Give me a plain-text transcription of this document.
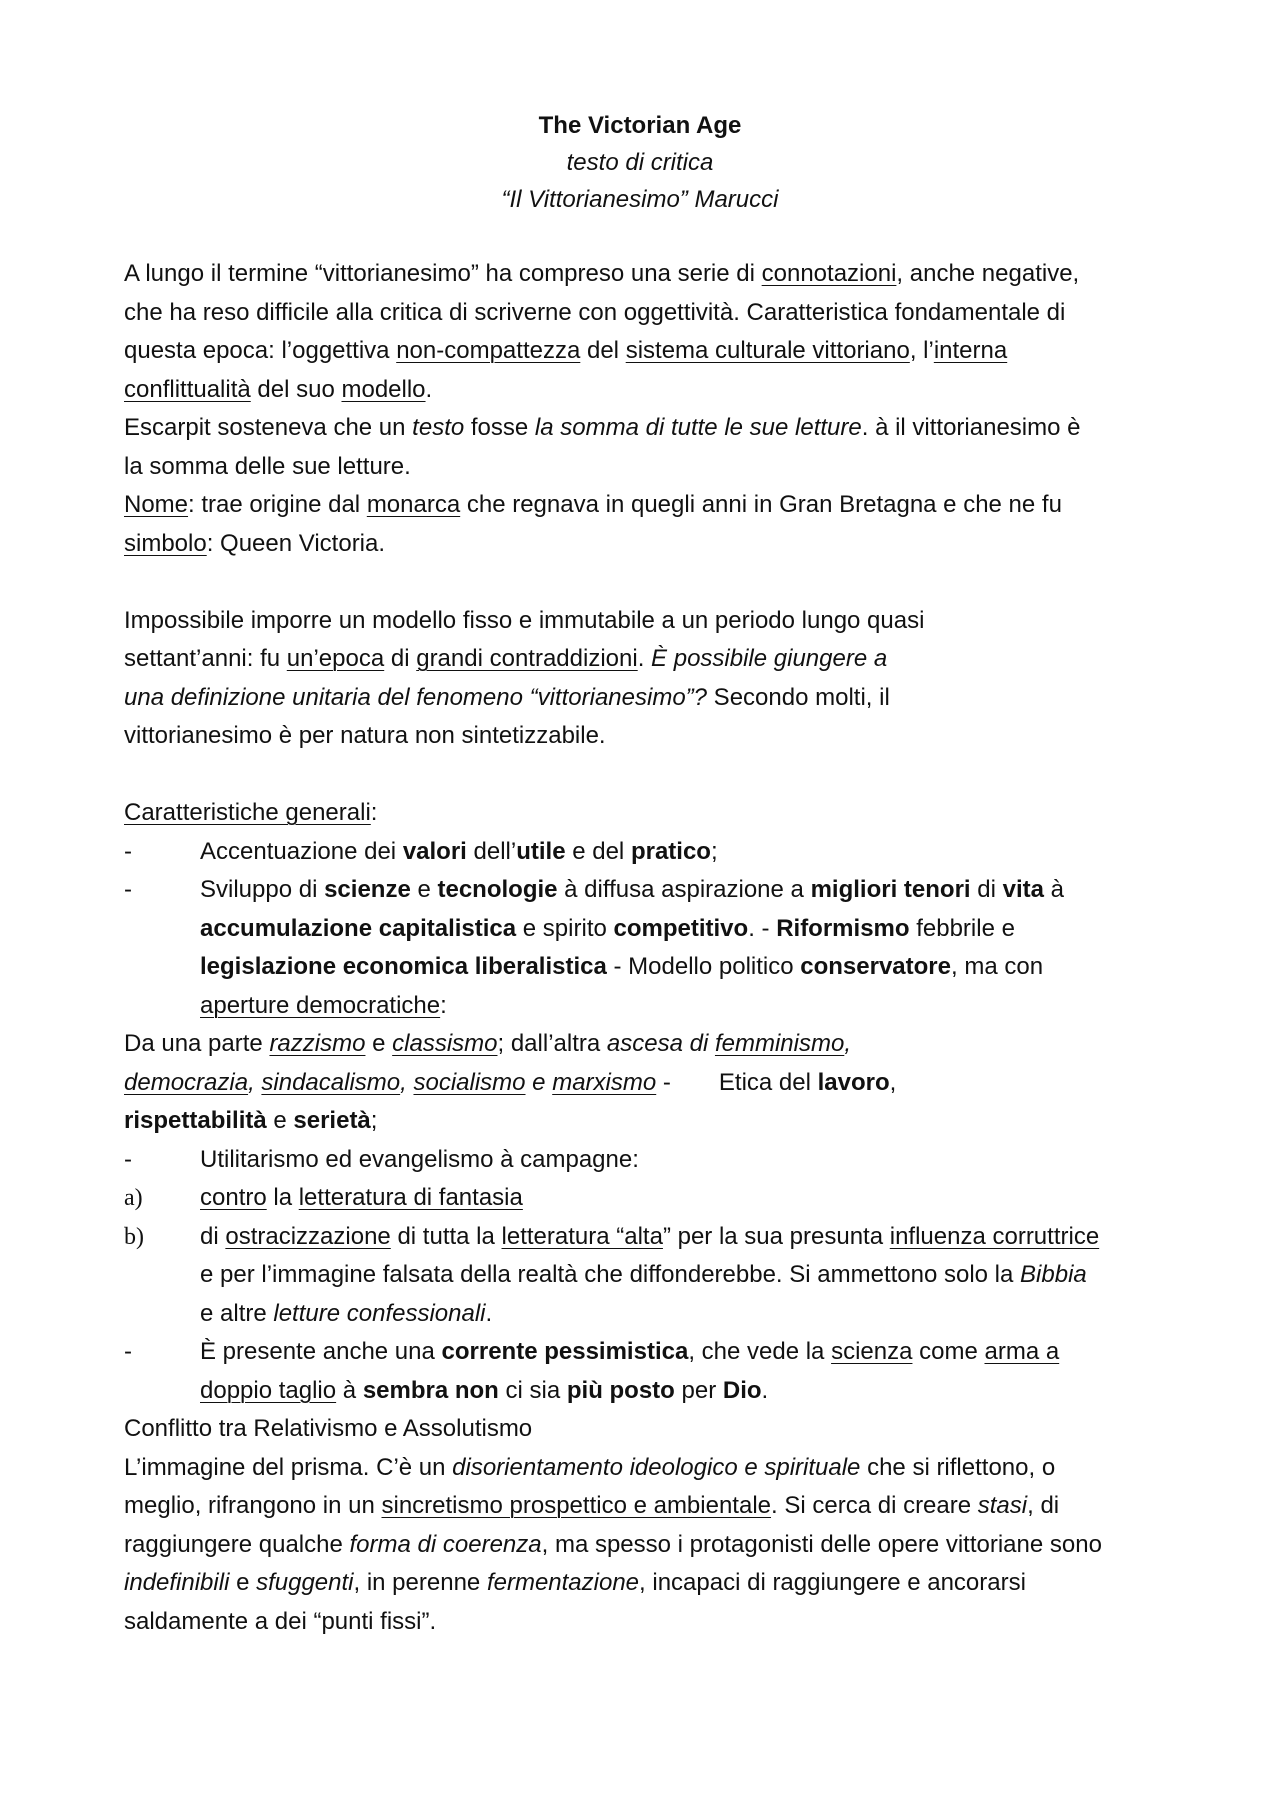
The Victorian Age
testo di critica
“Il Vittorianesimo” Marucci
A lungo il termine “vittorianesimo” ha compreso una serie di connotazioni, anche negative,
che ha reso difficile alla critica di scriverne con oggettività. Caratteristica fondamentale di
questa epoca: l’oggettiva non-compattezza del sistema culturale vittoriano, l’interna
conflittualità del suo modello.
Escarpit sosteneva che un testo fosse la somma di tutte le sue letture. à il vittorianesimo è
la somma delle sue letture.
Nome: trae origine dal monarca che regnava in quegli anni in Gran Bretagna e che ne fu
simbolo: Queen Victoria.
Impossibile imporre un modello fisso e immutabile a un periodo lungo quasi
settant’anni: fu un’epoca di grandi contraddizioni. È possibile giungere a
una definizione unitaria del fenomeno “vittorianesimo”? Secondo molti, il
vittorianesimo è per natura non sintetizzabile.
Caratteristiche generali:
-	Accentuazione dei valori dell’utile e del pratico;
-	Sviluppo di scienze e tecnologie à diffusa aspirazione a migliori tenori di vita à
accumulazione capitalistica e spirito competitivo. - Riformismo febbrile e
legislazione economica liberalistica - Modello politico conservatore, ma con
aperture democratiche:
Da una parte razzismo e classismo; dall’altra ascesa di femminismo,
democrazia, sindacalismo, socialismo e marxismo - Etica del lavoro,
rispettabilità e serietà;
-	Utilitarismo ed evangelismo à campagne:
a) contro la letteratura di fantasia
b) di ostracizzazione di tutta la letteratura “alta” per la sua presunta influenza corruttrice
e per l’immagine falsata della realtà che diffonderebbe. Si ammettono solo la Bibbia
e altre letture confessionali.
-	È presente anche una corrente pessimistica, che vede la scienza come arma a
doppio taglio à sembra non ci sia più posto per Dio.
Conflitto tra Relativismo e Assolutismo
L’immagine del prisma. C’è un disorientamento ideologico e spirituale che si riflettono, o
meglio, rifrangono in un sincretismo prospettico e ambientale. Si cerca di creare stasi, di
raggiungere qualche forma di coerenza, ma spesso i protagonisti delle opere vittoriane sono
indefinibili e sfuggenti, in perenne fermentazione, incapaci di raggiungere e ancorarsi
saldamente a dei “punti fissi”.
